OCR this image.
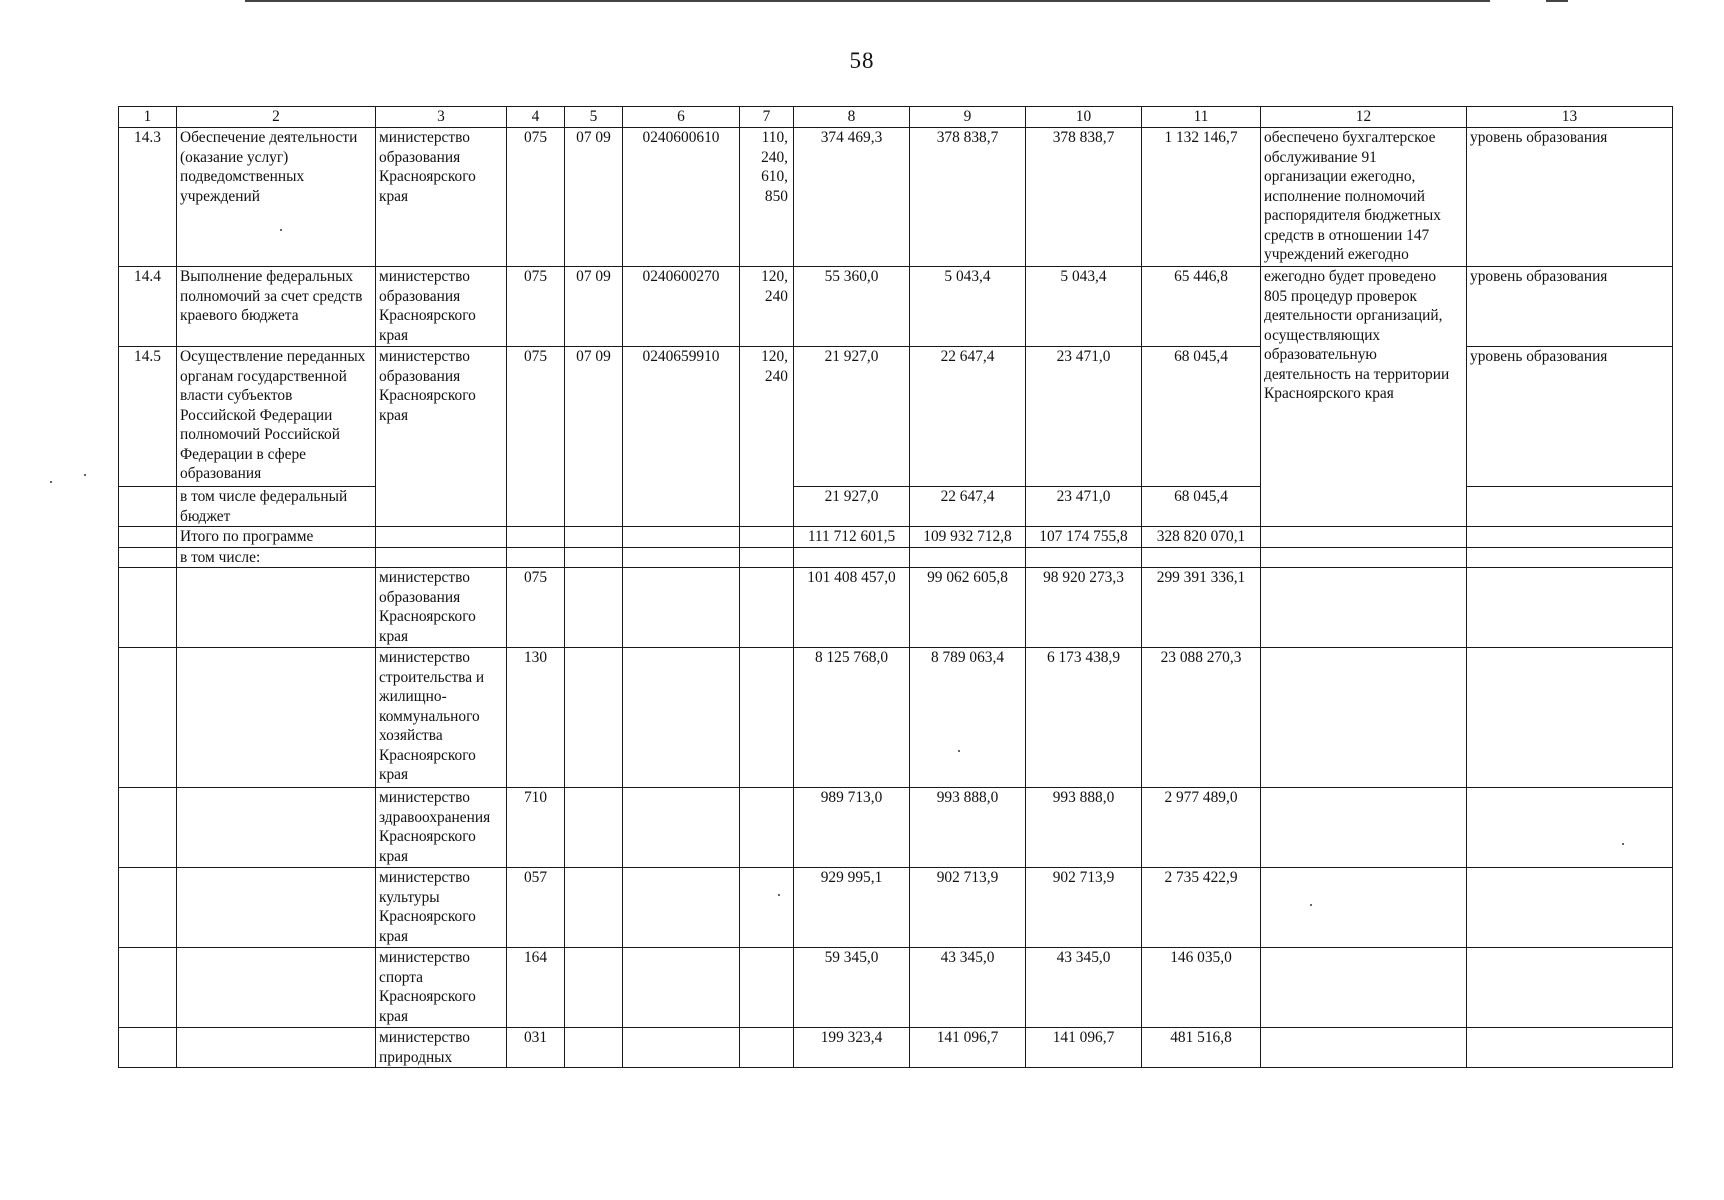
58
1	2	3	4	5	6	7	8	9	10	11	12	13
14.3	Обеспечение деятельности (оказание услуг) подведомственных учреждений	министерство образования Красноярского края	075	07 09	0240600610	110, 240, 610, 850	374 469,3	378 838,7	378 838,7	1 132 146,7	обеспечено бухгалтерское обслуживание 91 организации ежегодно, исполнение полномочий распорядителя бюджетных средств в отношении 147 учреждений ежегодно	уровень образования
14.4	Выполнение федеральных полномочий за счет средств краевого бюджета	министерство образования Красноярского края	075	07 09	0240600270	120, 240	55 360,0	5 043,4	5 043,4	65 446,8	ежегодно будет проведено 805 процедур проверок деятельности организаций, осуществляющих образовательную деятельность на территории Красноярского края	уровень образования
14.5	Осуществление переданных органам государственной власти субъектов Российской Федерации полномочий Российской Федерации в сфере образования	министерство образования Красноярского края	075	07 09	0240659910	120, 240	21 927,0	22 647,4	23 471,0	68 045,4		уровень образования
	в том числе федеральный бюджет						21 927,0	22 647,4	23 471,0	68 045,4		
	Итого по программе						111 712 601,5	109 932 712,8	107 174 755,8	328 820 070,1		
	в том числе:											
		министерство образования Красноярского края	075				101 408 457,0	99 062 605,8	98 920 273,3	299 391 336,1		
		министерство строительства и жилищно-коммунального хозяйства Красноярского края	130				8 125 768,0	8 789 063,4	6 173 438,9	23 088 270,3		
		министерство здравоохранения Красноярского края	710				989 713,0	993 888,0	993 888,0	2 977 489,0		
		министерство культуры Красноярского края	057				929 995,1	902 713,9	902 713,9	2 735 422,9		
		министерство спорта Красноярского края	164				59 345,0	43 345,0	43 345,0	146 035,0		
		министерство природных	031				199 323,4	141 096,7	141 096,7	481 516,8		
